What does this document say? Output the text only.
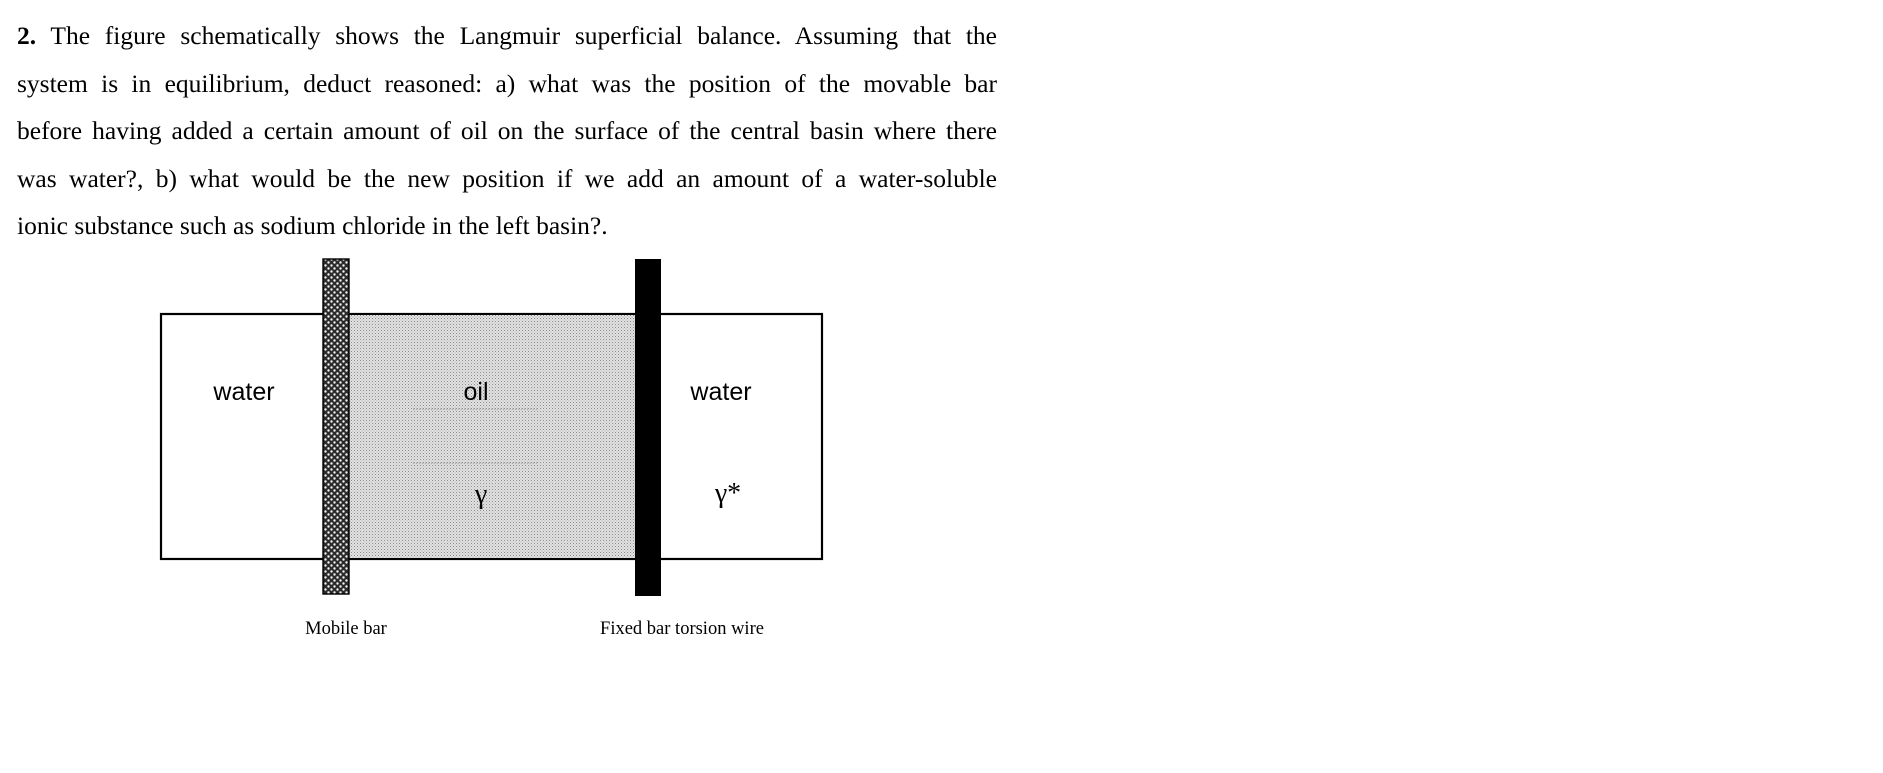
2. The figure schematically shows the Langmuir superficial balance. Assuming that the
system is in equilibrium, deduct reasoned: a) what was the position of the movable bar
before having added a certain amount of oil on the surface of the central basin where there
was water?, b) what would be the new position if we add an amount of a water-soluble
ionic substance such as sodium chloride in the left basin?.

water	oil	water
γ	γ*
Mobile bar	Fixed bar torsion wire
